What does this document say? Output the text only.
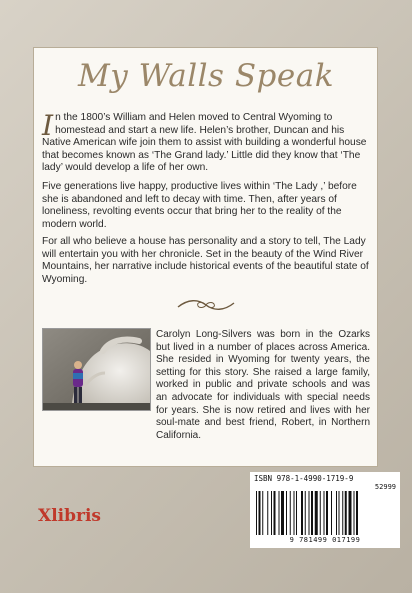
My Walls Speak
In the 1800’s William and Helen moved to Central Wyoming to homestead and start a new life. Helen’s brother, Duncan and his Native American wife join them to assist with building a wonderful house that becomes known as ‘The Grand lady.’ Little did they know that ‘The lady’ would develop a life of her own.
Five generations live happy, productive lives within ‘The Lady ,’ before she is abandoned and left to decay with time. Then, after years of loneliness, revolting events occur that bring her to the reality of the modern world.
For all who believe a house has personality and a story to tell, The Lady will entertain you with her chronicle. Set in the beauty of the Wind River Mountains, her narrative include historical events of the beautiful state of Wyoming.
Carolyn Long-Silvers was born in the Ozarks but lived in a number of places across America. She resided in Wyoming for twenty years, the setting for this story. She raised a large family, worked in public and private schools and was an advocate for individuals with special needs for years. She is now retired and lives with her soul-mate and best friend, Robert, in Northern California.
ISBN 978-1-4990-1719-9
52999
9 781499 017199
Xlibris
